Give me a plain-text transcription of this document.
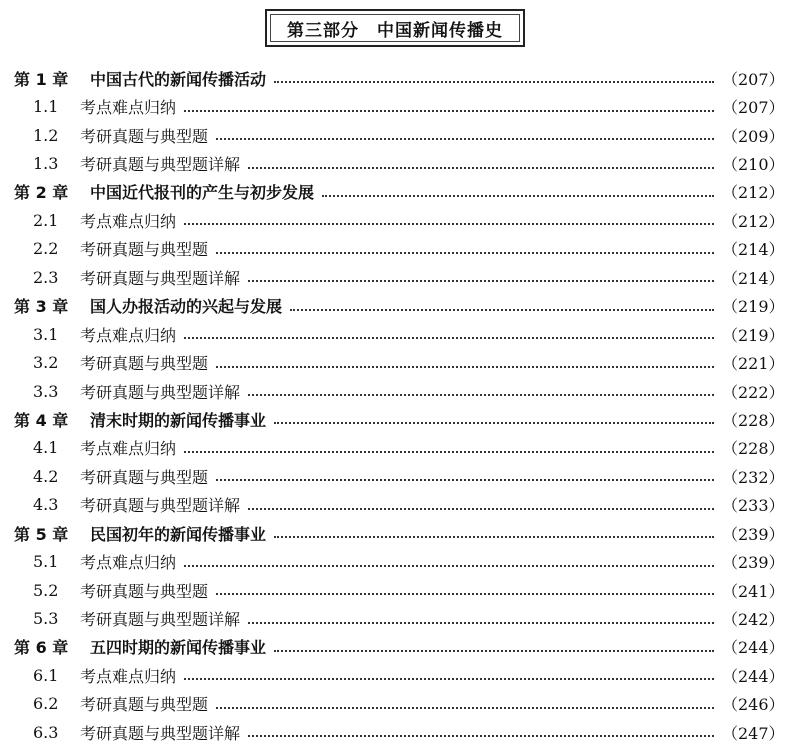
第三部分　中国新闻传播史
第 1 章	中国古代的新闻传播活动	（207）
1.1	考点难点归纳	（207）
1.2	考研真题与典型题	（209）
1.3	考研真题与典型题详解	（210）
第 2 章	中国近代报刊的产生与初步发展	（212）
2.1	考点难点归纳	（212）
2.2	考研真题与典型题	（214）
2.3	考研真题与典型题详解	（214）
第 3 章	国人办报活动的兴起与发展	（219）
3.1	考点难点归纳	（219）
3.2	考研真题与典型题	（221）
3.3	考研真题与典型题详解	（222）
第 4 章	清末时期的新闻传播事业	（228）
4.1	考点难点归纳	（228）
4.2	考研真题与典型题	（232）
4.3	考研真题与典型题详解	（233）
第 5 章	民国初年的新闻传播事业	（239）
5.1	考点难点归纳	（239）
5.2	考研真题与典型题	（241）
5.3	考研真题与典型题详解	（242）
第 6 章	五四时期的新闻传播事业	（244）
6.1	考点难点归纳	（244）
6.2	考研真题与典型题	（246）
6.3	考研真题与典型题详解	（247）
